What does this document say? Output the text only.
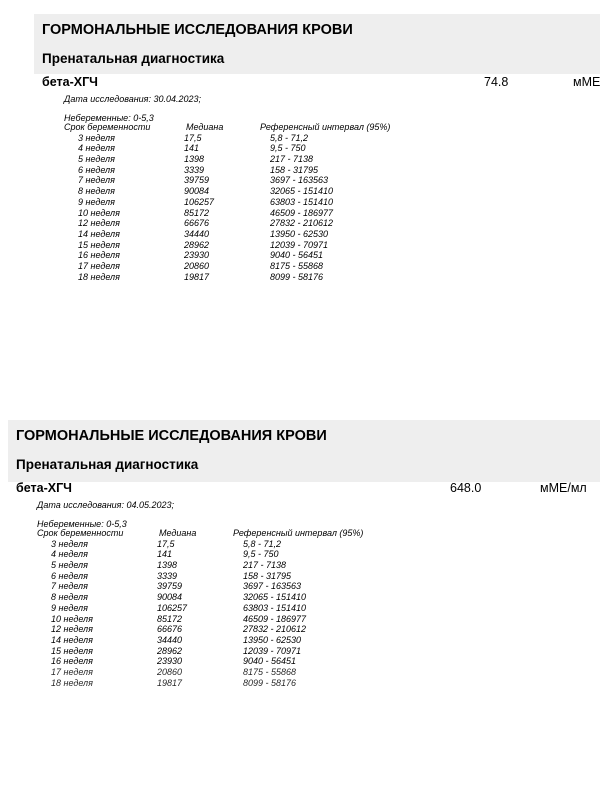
ГОРМОНАЛЬНЫЕ ИССЛЕДОВАНИЯ КРОВИ
Пренатальная диагностика
бета-ХГЧ	74.8	мМЕ
Дата исследования: 30.04.2023;
Небеременные: 0-5,3
Срок беременности	Медиана	Референсный интервал (95%)
3 неделя	17,5	5,8 - 71,2
4 неделя	141	9,5 - 750
5 неделя	1398	217 - 7138
6 неделя	3339	158 - 31795
7 неделя	39759	3697 - 163563
8 неделя	90084	32065 - 151410
9 неделя	106257	63803 - 151410
10 неделя	85172	46509 - 186977
12 неделя	66676	27832 - 210612
14 неделя	34440	13950 - 62530
15 неделя	28962	12039 - 70971
16 неделя	23930	9040 - 56451
17 неделя	20860	8175 - 55868
18 неделя	19817	8099 - 58176
ГОРМОНАЛЬНЫЕ ИССЛЕДОВАНИЯ КРОВИ
Пренатальная диагностика
бета-ХГЧ	648.0	мМЕ/мл
Дата исследования: 04.05.2023;
Небеременные: 0-5,3
Срок беременности	Медиана	Референсный интервал (95%)
3 неделя	17,5	5,8 - 71,2
4 неделя	141	9,5 - 750
5 неделя	1398	217 - 7138
6 неделя	3339	158 - 31795
7 неделя	39759	3697 - 163563
8 неделя	90084	32065 - 151410
9 неделя	106257	63803 - 151410
10 неделя	85172	46509 - 186977
12 неделя	66676	27832 - 210612
14 неделя	34440	13950 - 62530
15 неделя	28962	12039 - 70971
16 неделя	23930	9040 - 56451
17 неделя	20860	8175 - 55868
18 неделя	19817	8099 - 58176
